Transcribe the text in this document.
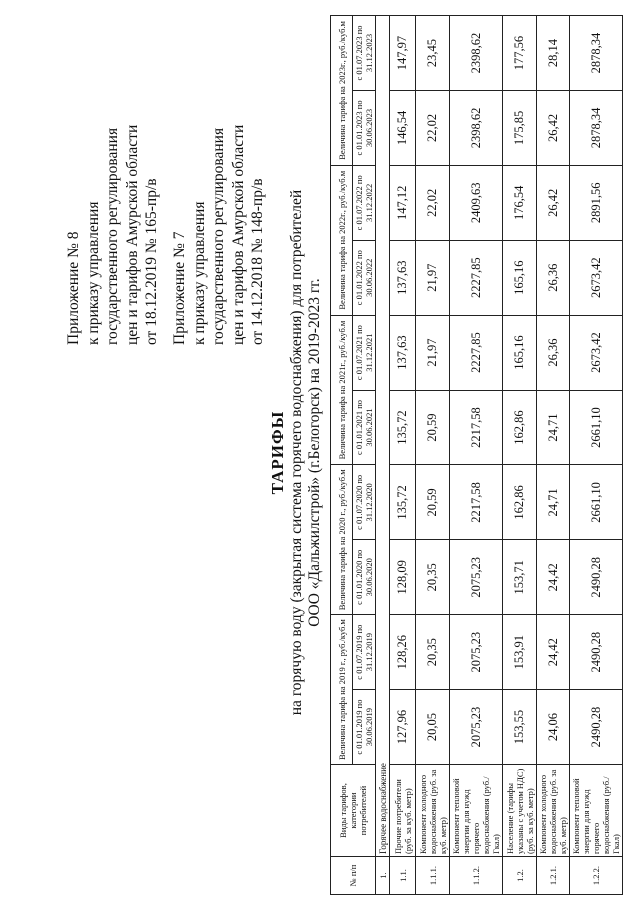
Приложение № 8 к приказу управления государственного регулирования цен и тарифов Амурской области от 18.12.2019 № 165-пр/в Приложение № 7 к приказу управления государственного регулирования цен и тарифов Амурской области от 14.12.2018 № 148-пр/в
ТАРИФЫ на горячую воду (закрытая система горячего водоснабжения) для потребителей ООО «Дальжилстрой» (г.Белогорск) на 2019-2023 гг.
№ п/п	Виды тарифов, категории потребителей	Величина тарифа на 2019 г., руб./куб.м		Величина тарифа на 2020 г., руб./куб.м		Величина тарифа на 2021г., руб./куб.м		Величина тарифа на 2022г., руб./куб.м		Величина тарифа на 2023г., руб./куб.м	
		с 01.01.2019 по 30.06.2019	с 01.07.2019 по 31.12.2019	с 01.01.2020 по 30.06.2020	с 01.07.2020 по 31.12.2020	с 01.01.2021 по 30.06.2021	с 01.07.2021 по 31.12.2021	с 01.01.2022 по 30.06.2022	с 01.07.2022 по 31.12.2022	с 01.01.2023 по 30.06.2023	с 01.07.2023 по 31.12.2023
1.	Горячее водоснабжение										
1.1.	Прочие потребители (руб. за куб. метр)	127,96	128,26	128,09	135,72	135,72	137,63	137,63	147,12	146,54	147,97
1.1.1.	Компонент холодного водоснабжения (руб. за куб. метр)	20,05	20,35	20,35	20,59	20,59	21,97	21,97	22,02	22,02	23,45
1.1.2.	Компонент тепловой энергии для нужд горячего водоснабжения (руб./Гкал)	2075,23	2075,23	2075,23	2217,58	2217,58	2227,85	2227,85	2409,63	2398,62	2398,62
1.2.	Население (тарифы указаны с учетом НДС) (руб. за куб. метр)	153,55	153,91	153,71	162,86	162,86	165,16	165,16	176,54	175,85	177,56
1.2.1.	Компонент холодного водоснабжения (руб. за куб. метр)	24,06	24,42	24,42	24,71	24,71	26,36	26,36	26,42	26,42	28,14
1.2.2.	Компонент тепловой энергии для нужд горячего водоснабжения (руб./Гкал)	2490,28	2490,28	2490,28	2661,10	2661,10	2673,42	2673,42	2891,56	2878,34	2878,34
